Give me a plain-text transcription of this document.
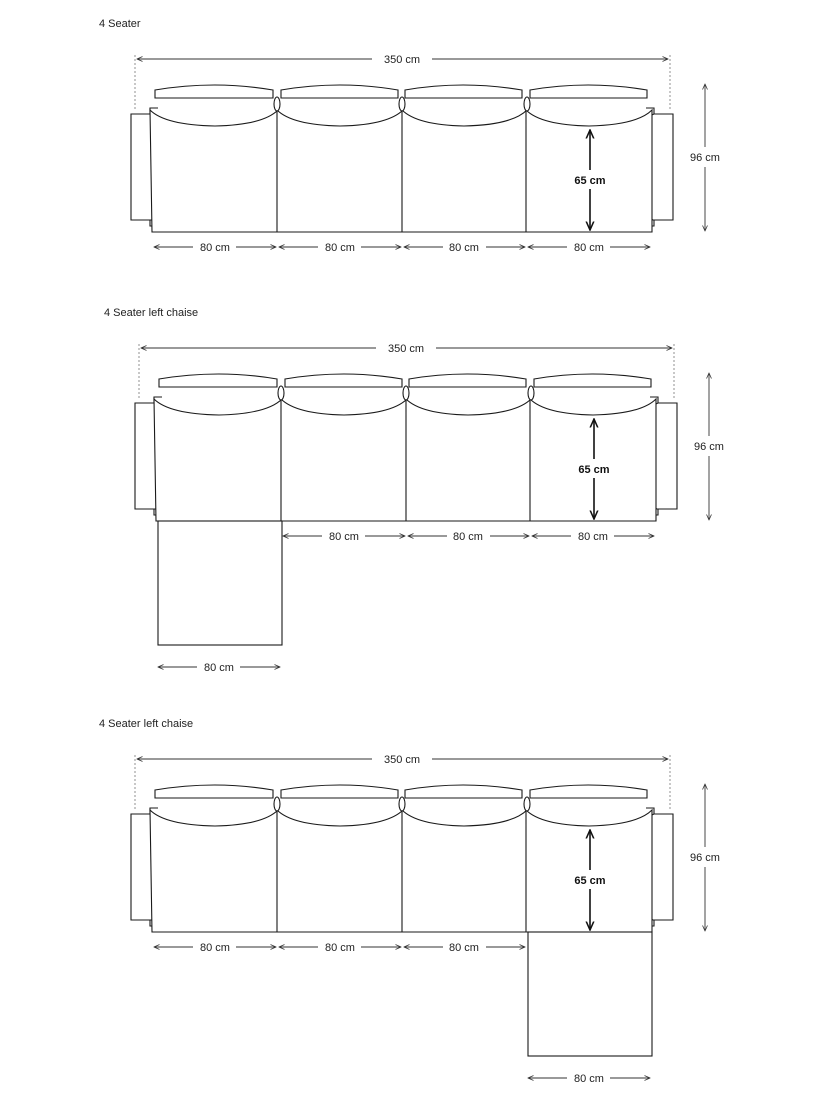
4 Seater
4 Seater left chaise
4 Seater left chaise
350 cm
96 cm
65 cm
80 cm	80 cm	80 cm	80 cm
350 cm
96 cm
65 cm
80 cm	80 cm	80 cm
80 cm
350 cm
96 cm
65 cm
80 cm	80 cm	80 cm
80 cm
